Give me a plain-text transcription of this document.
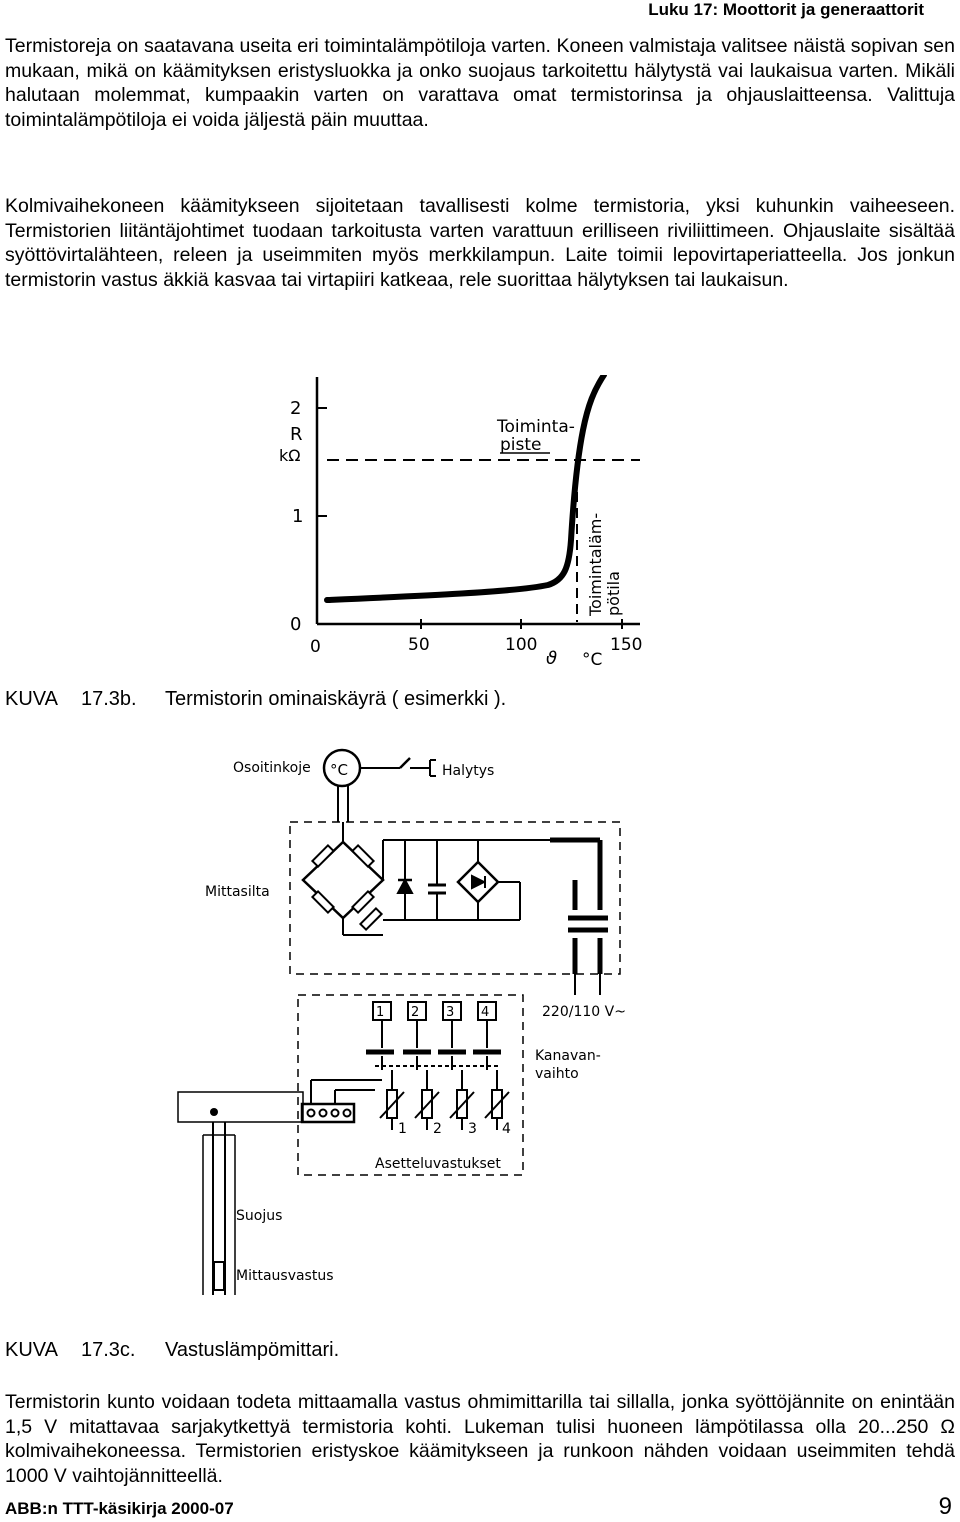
Luku 17: Moottorit ja generaattorit

Termistoreja on saatavana useita eri toimintalämpötiloja varten. Koneen valmistaja valitsee näistä sopivan sen mukaan, mikä on käämityksen eristysluokka ja onko suojaus tarkoitettu hälytystä vai laukaisua varten. Mikäli halutaan molemmat, kumpaakin varten on varattava omat termistorinsa ja ohjauslaitteensa. Valittuja toimintalämpötiloja ei voida jäljestä päin muuttaa.

Kolmivaihekoneen käämitykseen sijoitetaan tavallisesti kolme termistoria, yksi kuhunkin vaiheeseen. Termistorien liitäntäjohtimet tuodaan tarkoitusta varten varattuun erilliseen riviliittimeen. Ohjauslaite sisältää syöttövirtalähteen, releen ja useimmiten myös merkkilampun. Laite toimii lepovirtaperiatteella. Jos jonkun termistorin vastus äkkiä kasvaa tai virtapiiri katkeaa, rele suorittaa hälytyksen tai laukaisun.

2
R
kΩ
1
0
0	50	100	150
ϑ °C
Toiminta-
piste
Toimintaläm- pötila
KUVA 17.3b. Termistorin ominaiskäyrä ( esimerkki ).
Osoitinkoje °C	Halytys
Mittasilta
1 2 3 4	220/110 V~
Kanavan-
vaihto
1 2 3 4
Asetteluvastukset
Suojus
Mittausvastus
KUVA 17.3c. Vastuslämpömittari.

Termistorin kunto voidaan todeta mittaamalla vastus ohmimittarilla tai sillalla, jonka syöttöjännite on enintään 1,5 V mitattavaa sarjakytkettyä termistoria kohti. Lukeman tulisi huoneen lämpötilassa olla 20...250 Ω kolmivaihekoneessa. Termistorien eristyskoe käämitykseen ja runkoon nähden voidaan useimmiten tehdä 1000 V vaihtojännitteellä.

ABB:n TTT-käsikirja 2000-07	9
